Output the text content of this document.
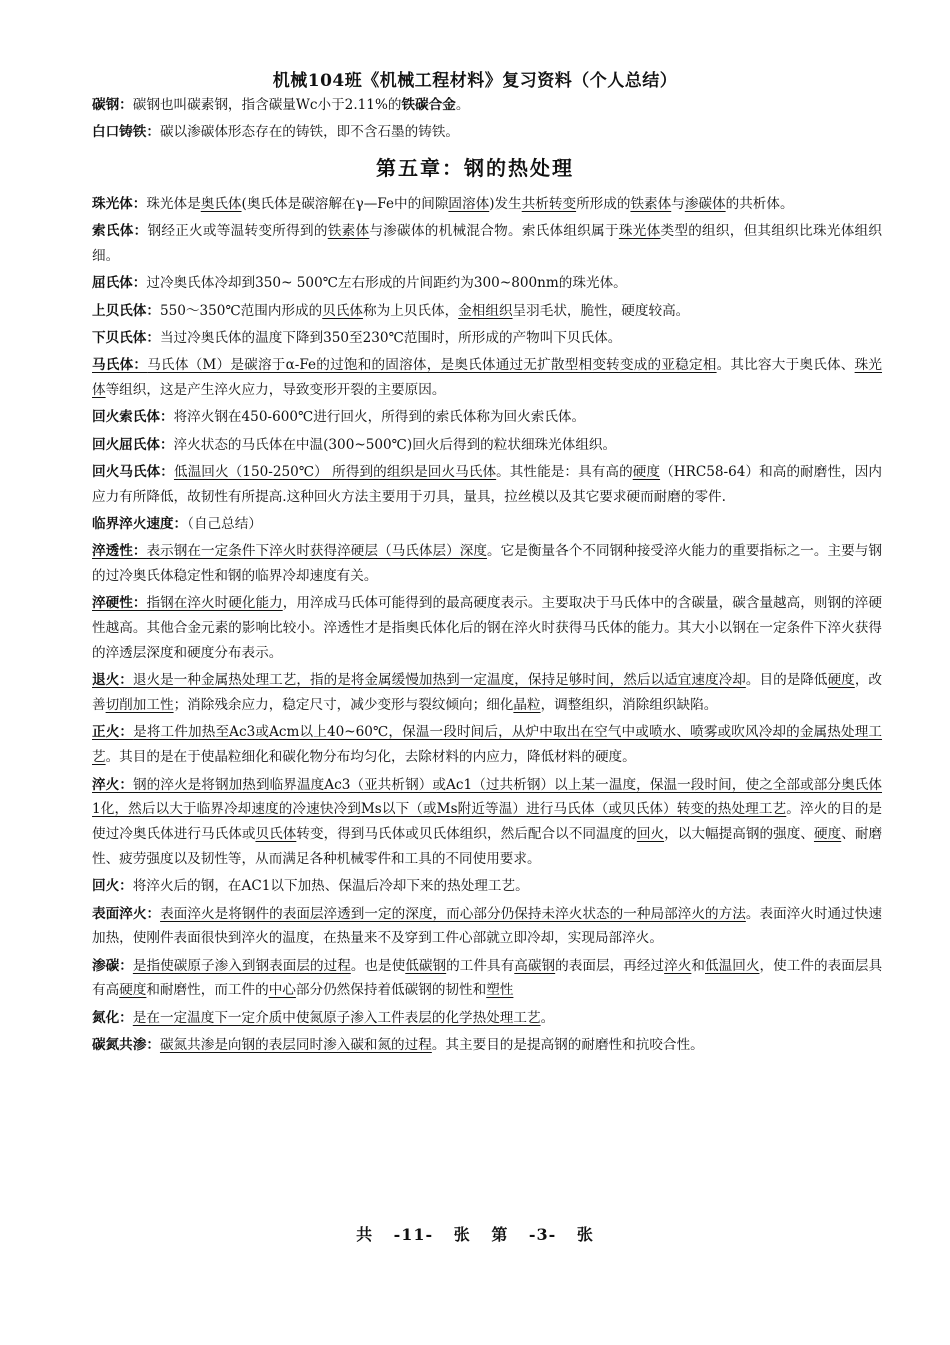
机械104班《机械工程材料》复习资料（个人总结）

碳钢：碳钢也叫碳素钢，指含碳量Wc小于2.11%的铁碳合金。

白口铸铁：碳以渗碳体形态存在的铸铁，即不含石墨的铸铁。

第五章：钢的热处理

珠光体：珠光体是奥氏体(奥氏体是碳溶解在γ—Fe中的间隙固溶体)发生共析转变所形成的铁素体与渗碳体的共析体。

索氏体：钢经正火或等温转变所得到的铁素体与渗碳体的机械混合物。索氏体组织属于珠光体类型的组织，但其组织比珠光体组织细。

屈氏体：过冷奥氏体冷却到350~ 500℃左右形成的片间距约为300~800nm的珠光体。

上贝氏体：550～350℃范围内形成的贝氏体称为上贝氏体，金相组织呈羽毛状，脆性，硬度较高。

下贝氏体：当过冷奥氏体的温度下降到350至230℃范围时，所形成的产物叫下贝氏体。

马氏体：马氏体（M）是碳溶于α-Fe的过饱和的固溶体，是奥氏体通过无扩散型相变转变成的亚稳定相。其比容大于奥氏体、珠光体等组织，这是产生淬火应力，导致变形开裂的主要原因。

回火索氏体：将淬火钢在450-600℃进行回火，所得到的索氏体称为回火索氏体。

回火屈氏体：淬火状态的马氏体在中温(300~500℃)回火后得到的粒状细珠光体组织。

回火马氏体：低温回火（150-250℃） 所得到的组织是回火马氏体。其性能是：具有高的硬度（HRC58-64）和高的耐磨性，因内应力有所降低，故韧性有所提高.这种回火方法主要用于刃具，量具，拉丝模以及其它要求硬而耐磨的零件.

临界淬火速度：（自己总结）

淬透性：表示钢在一定条件下淬火时获得淬硬层（马氏体层）深度。它是衡量各个不同钢种接受淬火能力的重要指标之一。主要与钢的过冷奥氏体稳定性和钢的临界冷却速度有关。

淬硬性：指钢在淬火时硬化能力，用淬成马氏体可能得到的最高硬度表示。主要取决于马氏体中的含碳量，碳含量越高，则钢的淬硬性越高。其他合金元素的影响比较小。淬透性才是指奥氏体化后的钢在淬火时获得马氏体的能力。其大小以钢在一定条件下淬火获得的淬透层深度和硬度分布表示。

退火：退火是一种金属热处理工艺，指的是将金属缓慢加热到一定温度，保持足够时间，然后以适宜速度冷却。目的是降低硬度，改善切削加工性；消除残余应力，稳定尺寸，减少变形与裂纹倾向；细化晶粒，调整组织，消除组织缺陷。

正火：是将工件加热至Ac3或Acm以上40~60℃，保温一段时间后，从炉中取出在空气中或喷水、喷雾或吹风冷却的金属热处理工艺。其目的是在于使晶粒细化和碳化物分布均匀化，去除材料的内应力，降低材料的硬度。

淬火：钢的淬火是将钢加热到临界温度Ac3（亚共析钢）或Ac1（过共析钢）以上某一温度，保温一段时间，使之全部或部分奥氏体1化，然后以大于临界冷却速度的冷速快冷到Ms以下（或Ms附近等温）进行马氏体（或贝氏体）转变的热处理工艺。淬火的目的是使过冷奥氏体进行马氏体或贝氏体转变，得到马氏体或贝氏体组织，然后配合以不同温度的回火，以大幅提高钢的强度、硬度、耐磨性、疲劳强度以及韧性等，从而满足各种机械零件和工具的不同使用要求。

回火：将淬火后的钢，在AC1以下加热、保温后冷却下来的热处理工艺。

表面淬火：表面淬火是将钢件的表面层淬透到一定的深度，而心部分仍保持未淬火状态的一种局部淬火的方法。表面淬火时通过快速加热，使刚件表面很快到淬火的温度，在热量来不及穿到工件心部就立即冷却，实现局部淬火。

渗碳：是指使碳原子渗入到钢表面层的过程。也是使低碳钢的工件具有高碳钢的表面层，再经过淬火和低温回火，使工件的表面层具有高硬度和耐磨性，而工件的中心部分仍然保持着低碳钢的韧性和塑性

氮化：是在一定温度下一定介质中使氮原子渗入工件表层的化学热处理工艺。

碳氮共渗：碳氮共渗是向钢的表层同时渗入碳和氮的过程。其主要目的是提高钢的耐磨性和抗咬合性。

共 -11- 张 第 -3- 张
